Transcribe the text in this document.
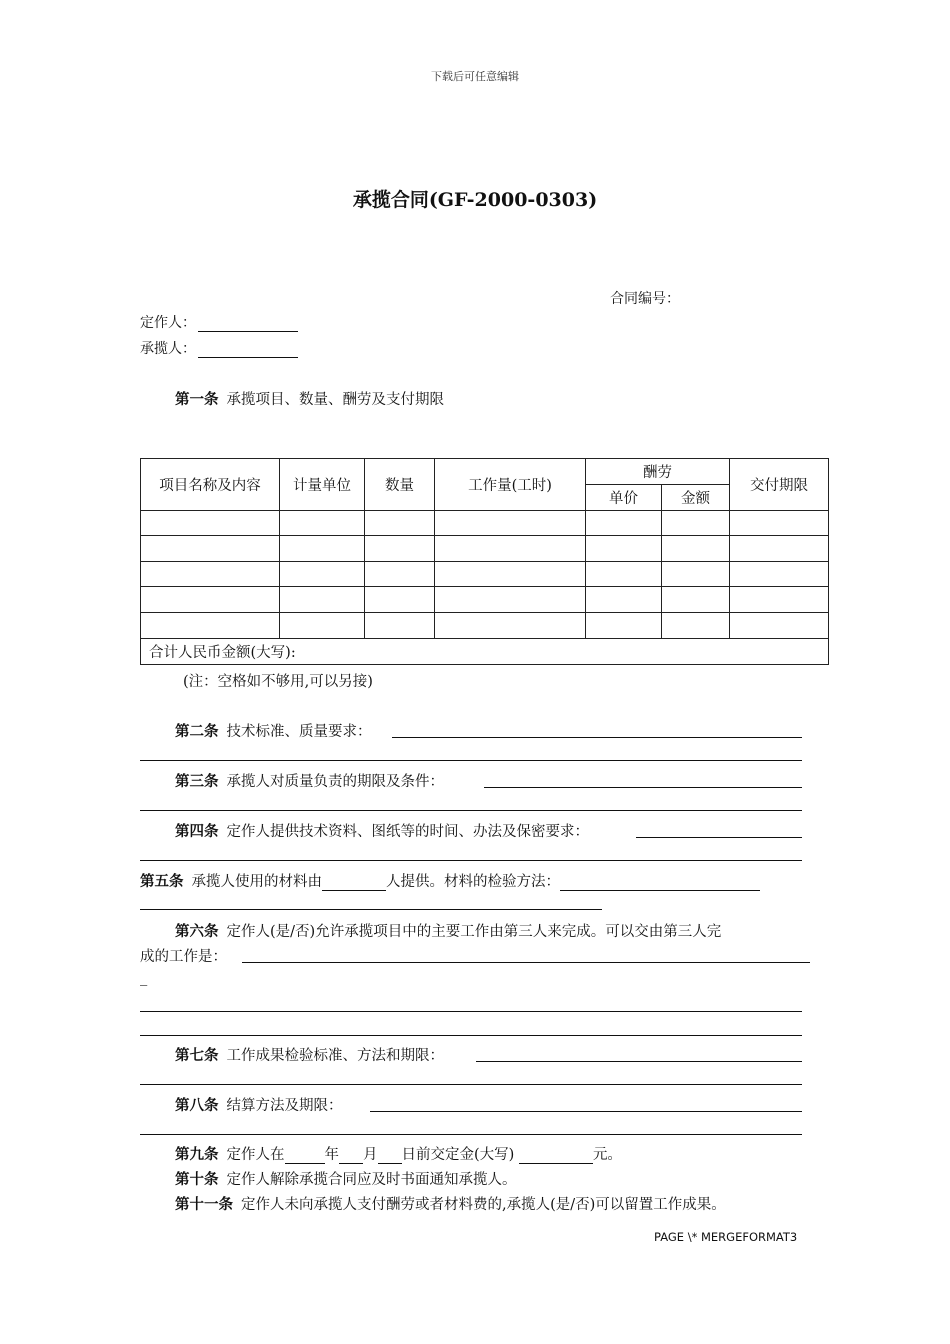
下载后可任意编辑
承揽合同(GF-2000-0303)
合同编号：
定作人：
承揽人：
第一条 承揽项目、数量、酬劳及支付期限
项目名称及内容	计量单位	数量	工作量(工时)	酬劳		交付期限
				单价	金额	

合计人民币金额(大写):						
(注：空格如不够用,可以另接)
第二条 技术标准、质量要求：
第三条 承揽人对质量负责的期限及条件：
第四条 定作人提供技术资料、图纸等的时间、办法及保密要求：
第五条 承揽人使用的材料由	人提供。材料的检验方法：
第六条 定作人(是/否)允许承揽项目中的主要工作由第三人来完成。可以交由第三人完
成的工作是：
_
第七条 工作成果检验标准、方法和期限：
第八条 结算方法及期限：
第九条 定作人在	年 月 日前交定金(大写)	元。
第十条 定作人解除承揽合同应及时书面通知承揽人。
第十一条 定作人未向承揽人支付酬劳或者材料费的,承揽人(是/否)可以留置工作成果。
PAGE \* MERGEFORMAT3
